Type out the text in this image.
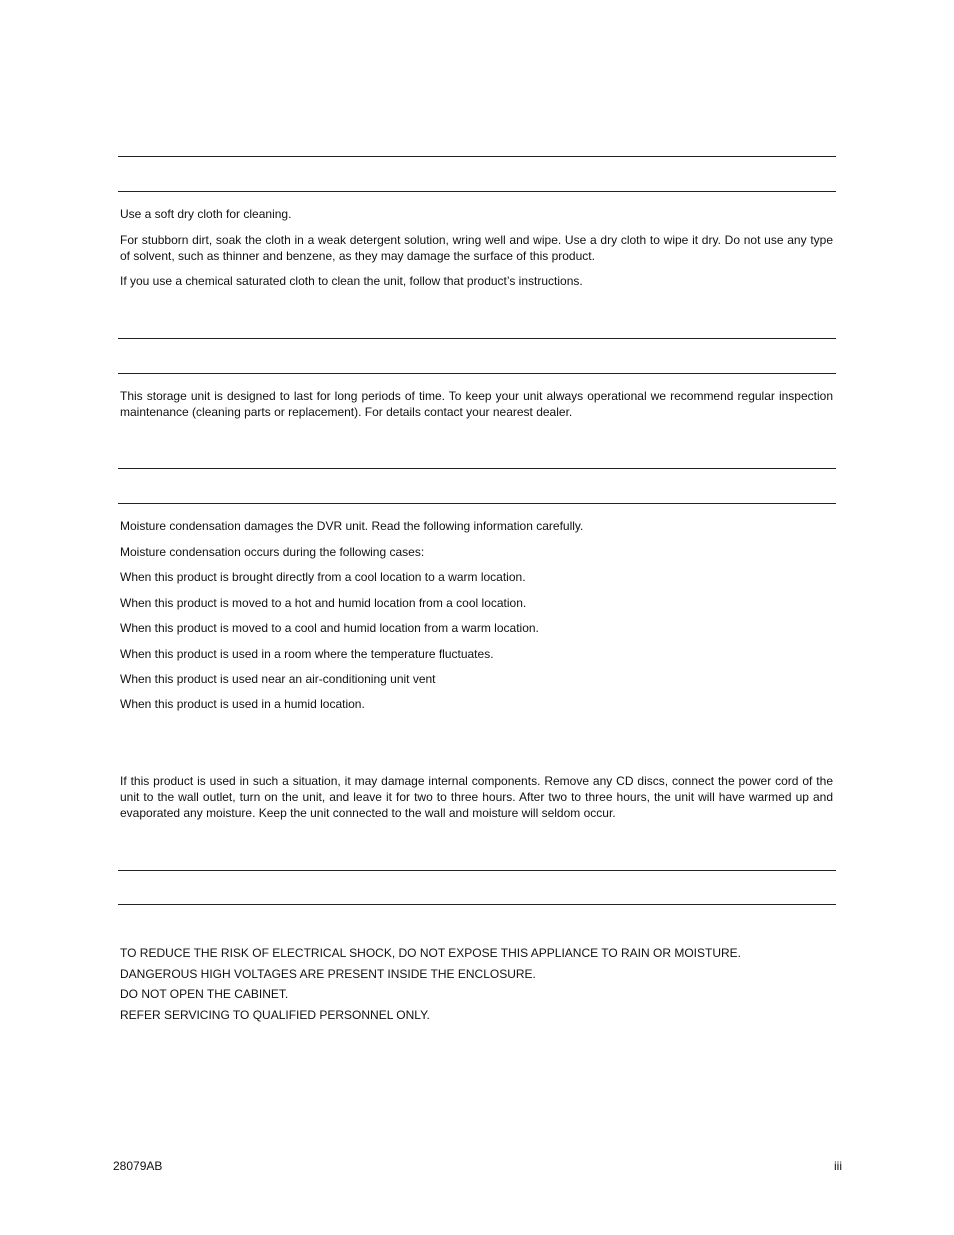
Use a soft dry cloth for cleaning.

For stubborn dirt, soak the cloth in a weak detergent solution, wring well and wipe. Use a dry cloth to wipe it dry. Do not use any type of solvent, such as thinner and benzene, as they may damage the surface of this product.

If you use a chemical saturated cloth to clean the unit, follow that product’s instructions.

This storage unit is designed to last for long periods of time. To keep your unit always operational we recommend regular inspection maintenance (cleaning parts or replacement). For details contact your nearest dealer.

Moisture condensation damages the DVR unit. Read the following information carefully.

Moisture condensation occurs during the following cases:

When this product is brought directly from a cool location to a warm location.

When this product is moved to a hot and humid location from a cool location.

When this product is moved to a cool and humid location from a warm location.

When this product is used in a room where the temperature fluctuates.

When this product is used near an air-conditioning unit vent

When this product is used in a humid location.

If this product is used in such a situation, it may damage internal components. Remove any CD discs, connect the power cord of the unit to the wall outlet, turn on the unit, and leave it for two to three hours. After two to three hours, the unit will have warmed up and evaporated any moisture. Keep the unit connected to the wall and moisture will seldom occur.

TO REDUCE THE RISK OF ELECTRICAL SHOCK, DO NOT EXPOSE THIS APPLIANCE TO RAIN OR MOISTURE.

DANGEROUS HIGH VOLTAGES ARE PRESENT INSIDE THE ENCLOSURE.

DO NOT OPEN THE CABINET.

REFER SERVICING TO QUALIFIED PERSONNEL ONLY.

28079AB	iii
